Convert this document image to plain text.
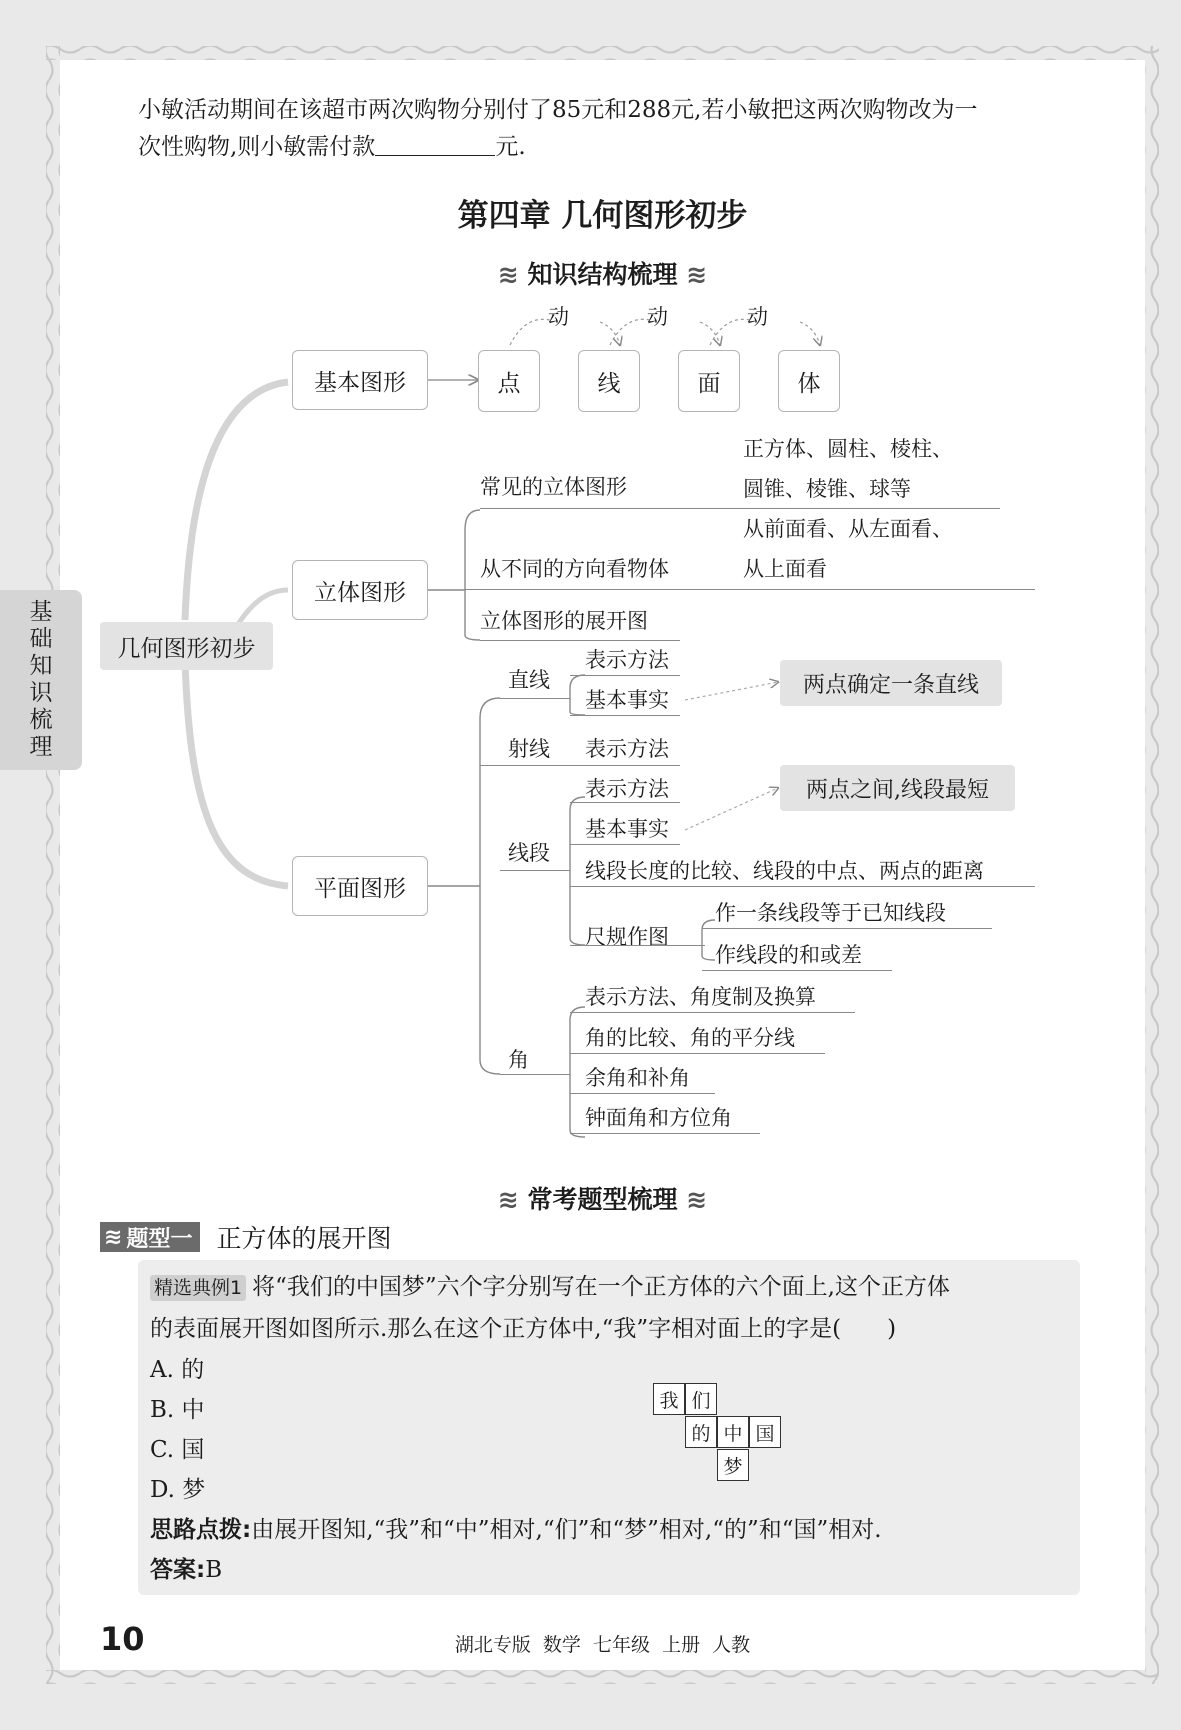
小敏活动期间在该超市两次购物分别付了85元和288元,若小敏把这两次购物改为一
次性购物,则小敏需付款	元.
第四章 几何图形初步
≋ 知识结构梳理 ≋
几何图形初步
基本图形	点	线	面	体
动	动	动
立体图形
常见的立体图形
正方体、圆柱、棱柱、
圆锥、棱锥、球等
从不同的方向看物体
从前面看、从左面看、
从上面看
立体图形的展开图
平面图形
直线
表示方法
基本事实
两点确定一条直线
射线 表示方法
线段
表示方法
基本事实
两点之间,线段最短
线段长度的比较、线段的中点、两点的距离
尺规作图
作一条线段等于已知线段
作线段的和或差
角
表示方法、角度制及换算
角的比较、角的平分线
余角和补角
钟面角和方位角
≋ 常考题型梳理 ≋
≋ 题型一 正方体的展开图
精选典例1 将“我们的中国梦”六个字分别写在一个正方体的六个面上,这个正方体
的表面展开图如图所示.那么在这个正方体中,“我”字相对面上的字是(　　)
A. 的
B. 中
C. 国
D. 梦
我 们
的 中 国
梦
思路点拨:由展开图知,“我”和“中”相对,“们”和“梦”相对,“的”和“国”相对.
答案:B
10	湖北专版  数学  七年级  上册  人教
基
础
知
识
梳
理
